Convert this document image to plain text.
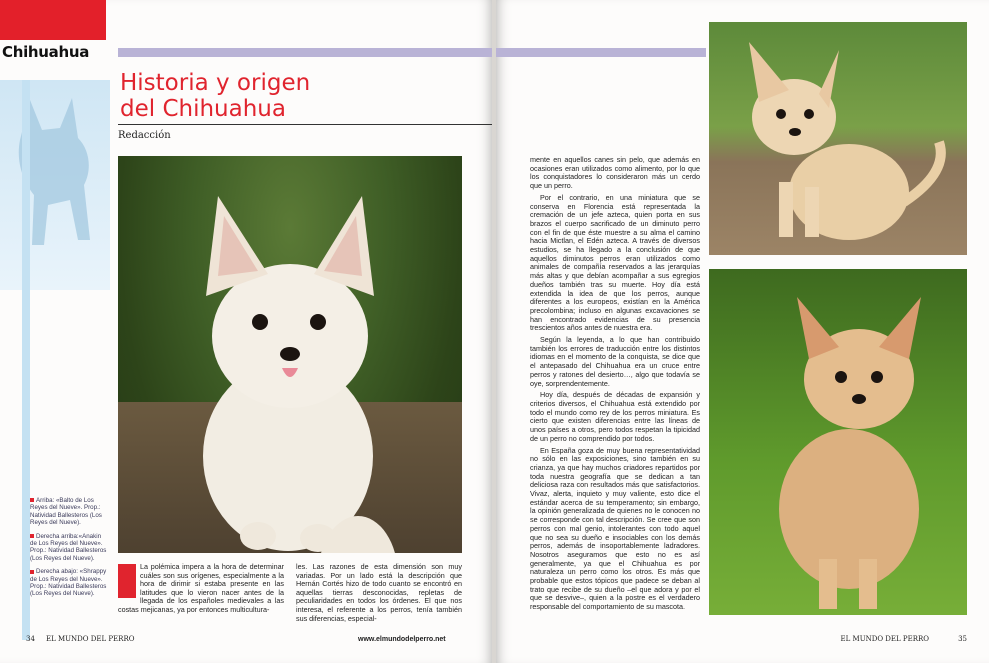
Chihuahua
Historia y origen
del Chihuahua
Redacción
Arriba: «Balto de Los Reyes del Nueve». Prop.: Natividad Ballesteros (Los Reyes del Nueve).
Derecha arriba:«Anakin de Los Reyes del Nueve». Prop.: Natividad Ballesteros (Los Reyes del Nueve).
Derecha abajo: «Shrappy de Los Reyes del Nueve». Prop.: Natividad Ballesteros (Los Reyes del Nueve).
La polémica impera a la hora de determinar cuáles son sus orígenes, especialmente a la hora de dirimir si estaba presente en las latitudes que lo vieron nacer antes de la llegada de los españoles medievales a las costas mejicanas, ya por entonces multicultura-
les. Las razones de esta dimensión son muy variadas. Por un lado está la descripción que Hernán Cortés hizo de todo cuanto se encontró en aquellas tierras desconocidas, repletas de peculiaridades en todos los órdenes. El que nos interesa, el referente a los perros, tenía también sus diferencias, especial-
34 EL MUNDO DEL PERRO	www.elmundodelperro.net

mente en aquellos canes sin pelo, que además en ocasiones eran utilizados como alimento, por lo que los conquistadores lo consideraron más un cerdo que un perro.

Por el contrario, en una miniatura que se conserva en Florencia está representada la cremación de un jefe azteca, quien porta en sus brazos el cuerpo sacrificado de un diminuto perro con el fin de que éste muestre a su alma el camino hacia Mictlan, el Edén azteca. A través de diversos estudios, se ha llegado a la conclusión de que aquellos diminutos perros eran utilizados como animales de compañía reservados a las jerarquías más altas y que debían acompañar a sus egregios dueños también tras su muerte. Hoy día está extendida la idea de que los perros, aunque diferentes a los europeos, existían en la América precolombina; incluso en algunas excavaciones se han encontrado evidencias de su presencia trescientos años antes de nuestra era.

Según la leyenda, a lo que han contribuido también los errores de traducción entre los distintos idiomas en el momento de la conquista, se dice que el antepasado del Chihuahua era un cruce entre perros y ratones del desierto…, algo que todavía se oye, sorprendentemente.

Hoy día, después de décadas de expansión y criterios diversos, el Chihuahua está extendido por todo el mundo como rey de los perros miniatura. Es cierto que existen diferencias entre las líneas de unos países a otros, pero todos respetan la tipicidad de un perro no comprendido por todos.

En España goza de muy buena representatividad no sólo en las exposiciones, sino también en su crianza, ya que hay muchos criadores repartidos por toda nuestra geografía que se dedican a tan deliciosa raza con resultados más que satisfactorios. Vivaz, alerta, inquieto y muy valiente, esto dice el estándar acerca de su temperamento; sin embargo, la opinión generalizada de quienes no le conocen no se corresponde con tal descripción. Se cree que son perros con mal genio, intolerantes con todo aquel que no sea su dueño e insociables con los demás perros, además de insoportablemente ladradores. Nosotros aseguramos que esto no es así generalmente, ya que el Chihuahua es por naturaleza un perro como los otros. Es más que probable que estos tópicos que padece se deban al trato que recibe de su dueño –el que adora y por el que se desvive–, quien a la postre es el verdadero responsable del comportamiento de su mascota.

EL MUNDO DEL PERRO	35
